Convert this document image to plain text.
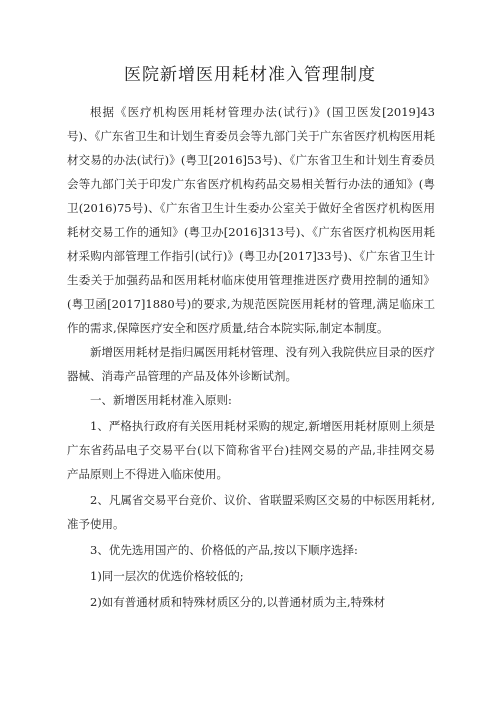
医院新增医用耗材准入管理制度

根据《医疗机构医用耗材管理办法(试行)》(国卫医发[2019]43号)、《广东省卫生和计划生育委员会等九部门关于广东省医疗机构医用耗材交易的办法(试行)》(粤卫[2016]53号)、《广东省卫生和计划生育委员会等九部门关于印发广东省医疗机构药品交易相关暂行办法的通知》(粤卫(2016)75号)、《广东省卫生计生委办公室关于做好全省医疗机构医用耗材交易工作的通知》(粤卫办[2016]313号)、《广东省医疗机构医用耗材采购内部管理工作指引(试行)》(粤卫办[2017]33号)、《广东省卫生计生委关于加强药品和医用耗材临床使用管理推进医疗费用控制的通知》(粤卫函[2017]1880号)的要求,为规范医院医用耗材的管理,满足临床工作的需求,保障医疗安全和医疗质量,结合本院实际,制定本制度。

新增医用耗材是指归属医用耗材管理、没有列入我院供应目录的医疗器械、消毒产品管理的产品及体外诊断试剂。

一、新增医用耗材准入原则:

1、严格执行政府有关医用耗材采购的规定,新增医用耗材原则上须是广东省药品电子交易平台(以下简称省平台)挂网交易的产品,非挂网交易产品原则上不得进入临床使用。

2、凡属省交易平台竞价、议价、省联盟采购区交易的中标医用耗材,准予使用。

3、优先选用国产的、价格低的产品,按以下顺序选择:

1)同一层次的优选价格较低的;

2)如有普通材质和特殊材质区分的,以普通材质为主,特殊材
